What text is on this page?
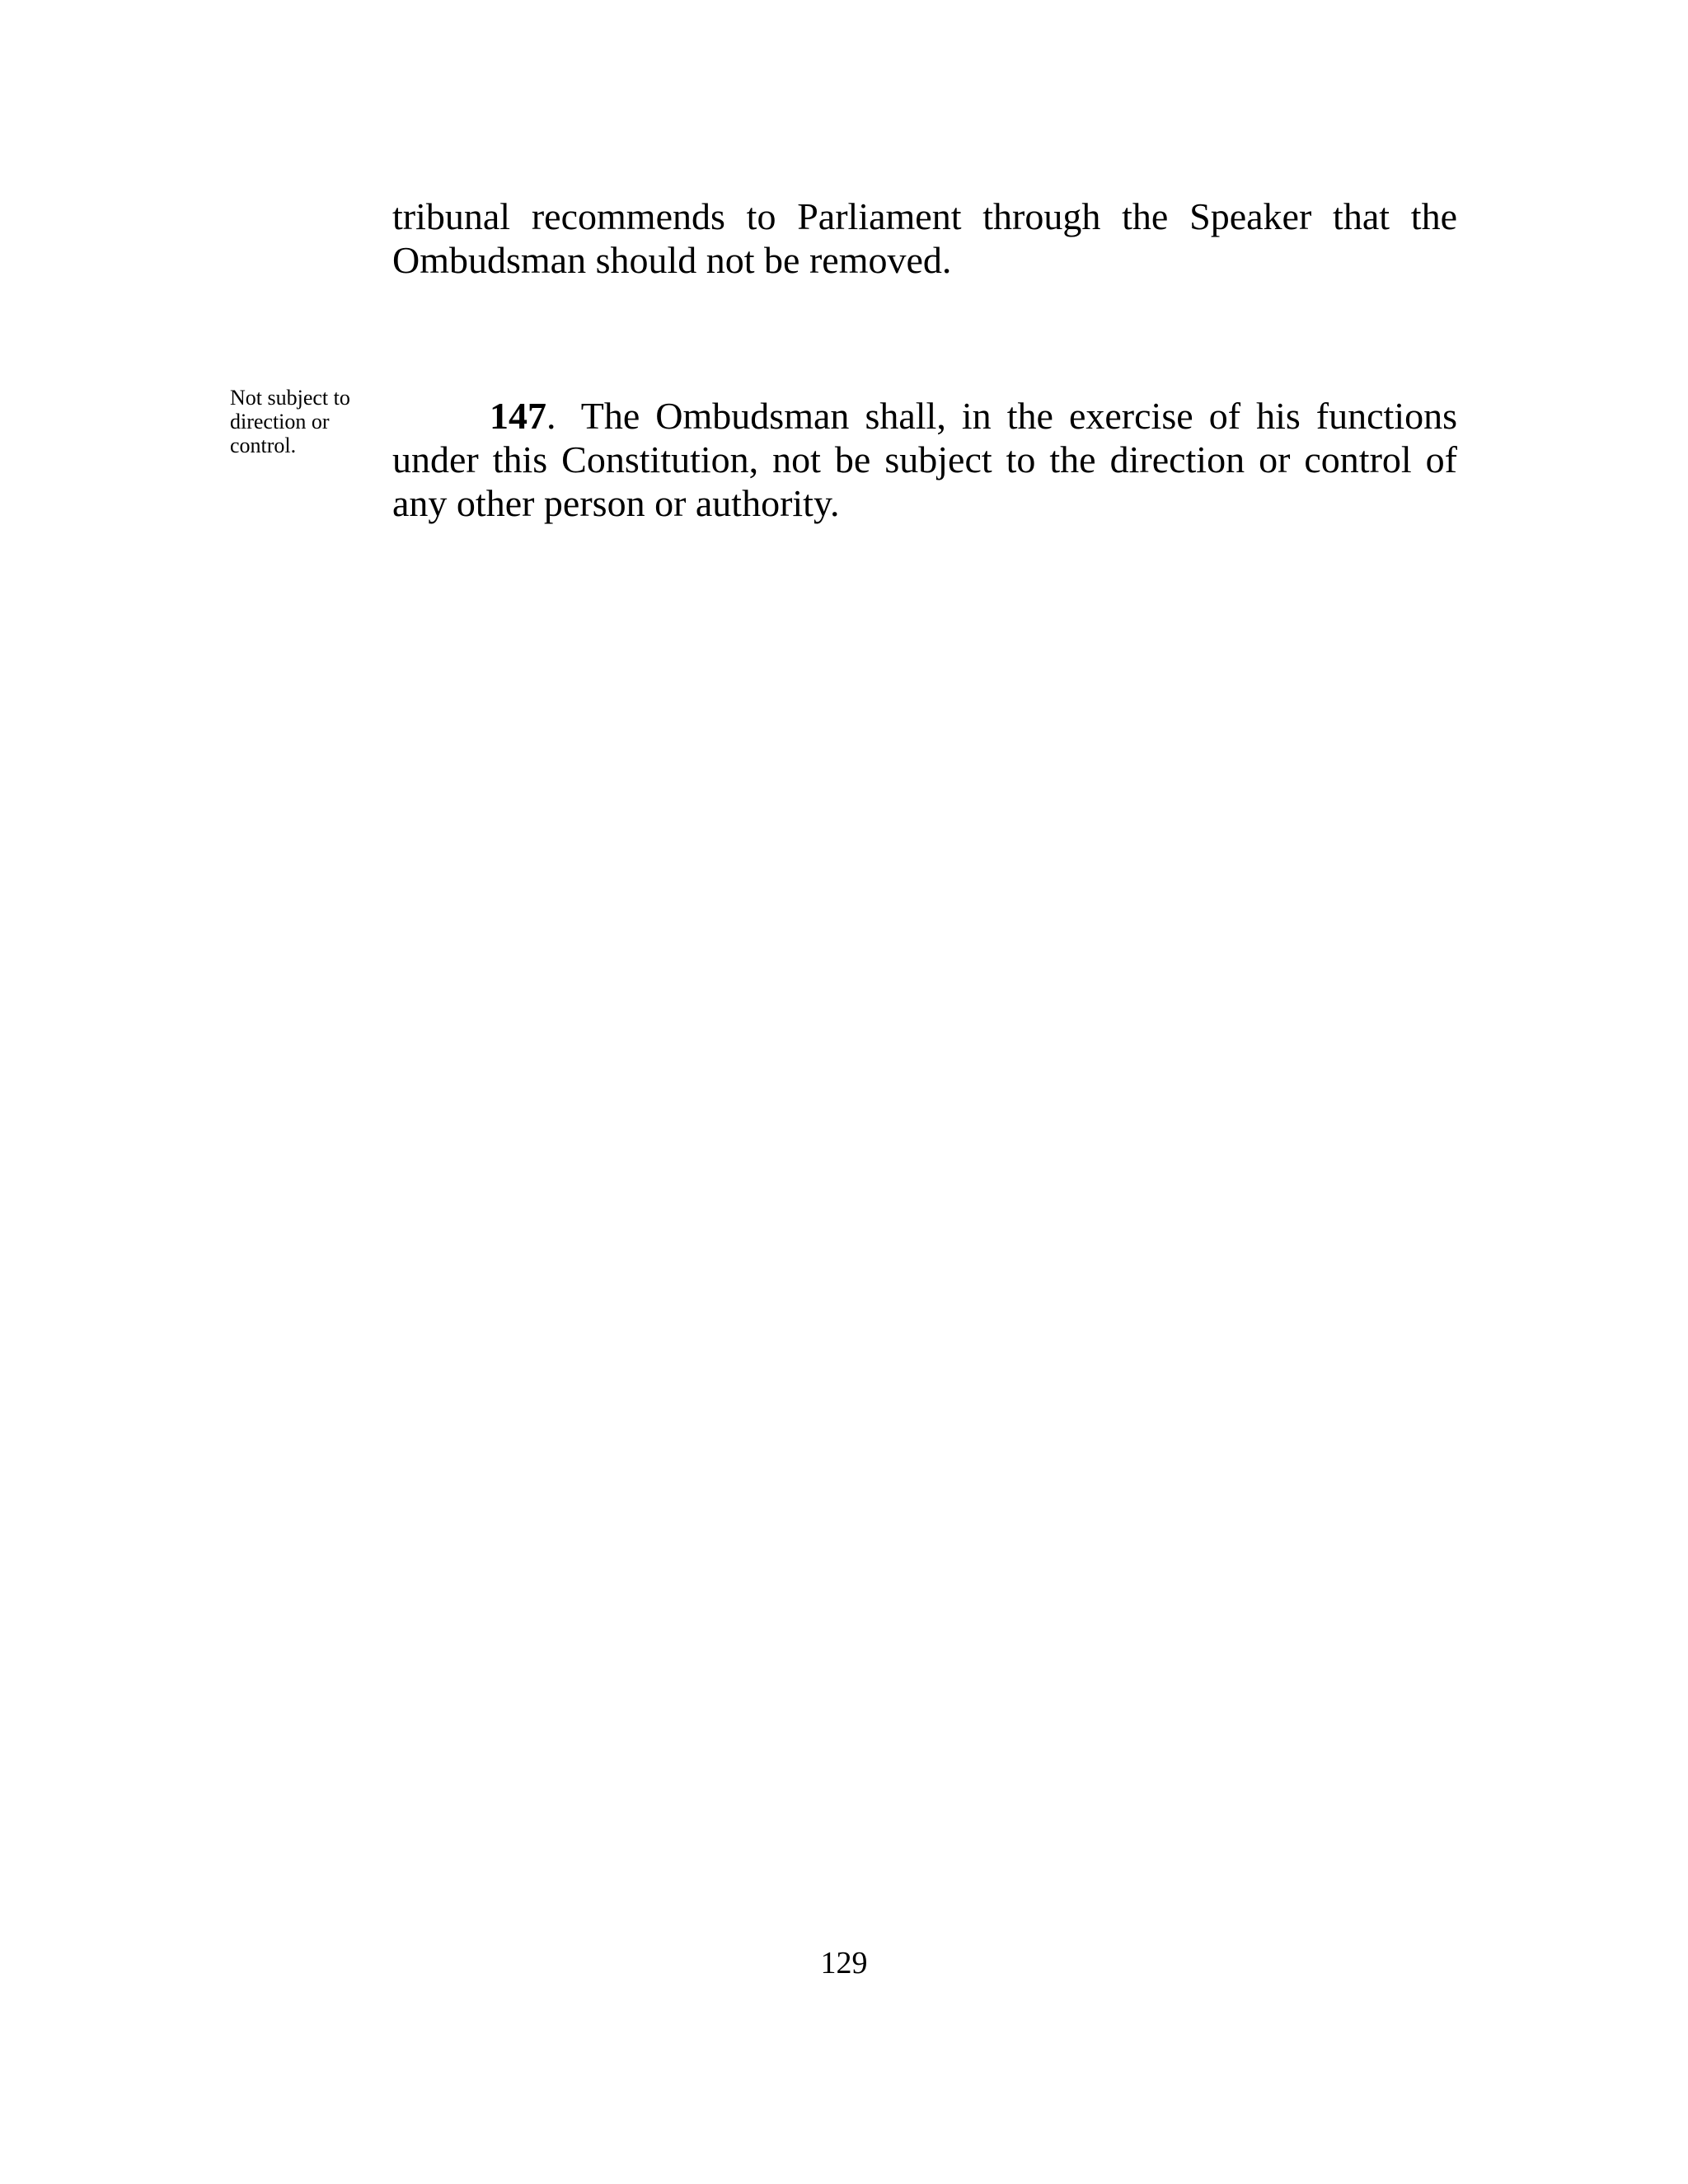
tribunal recommends to Parliament through the Speaker that the Ombudsman should not be removed.

Not subject to direction or control.

147. The Ombudsman shall, in the exercise of his functions under this Constitution, not be subject to the direction or control of any other person or authority.

129
